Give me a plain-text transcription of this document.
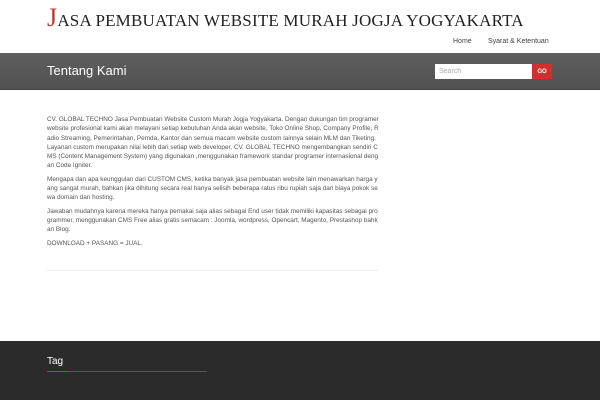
JASA PEMBUATAN WEBSITE MURAH JOGJA YOGYAKARTA
Home Syarat & Ketentuan
Tentang Kami
Search	GO

CV. GLOBAL TECHNO Jasa Pembuatan Website Custom Murah Jogja Yogyakarta. Dengan dukungan tim programer website profesional kami akan melayani setiap kebutuhan Anda akan website, Toko Online Shop, Company Profile, Radio Streaming, Pemerintahan, Pemda, Kantor dan semua macam website custom lainnya selain MLM dan Tiketing. Layanan custom merupakan nilai lebih dari setiap web developer, CV. GLOBAL TECHNO mengembangkan sendiri CMS (Content Management System) yang digunakan ,menggunakan framework standar programer internasional dengan Code Igniter.

Mengapa dan apa keunggulan dari CUSTOM CMS, ketika banyak jasa pembuatan website lain menawarkan harga yang sangat murah, bahkan jika dihitung secara real hanya selisih beberapa ratus ribu rupiah saja dari biaya pokok sewa domain dan hosting.

Jawaban mudahnya karena mereka hanya pemakai saja alias sebagai End user tidak memiliki kapasitas sebagai programmer, menggunakan CMS Free alias gratis semacam : Joomla, wordpress, Opencart, Magento, Prestashop bahkan Blog.

DOWNLOAD + PASANG = JUAL.

Tag
